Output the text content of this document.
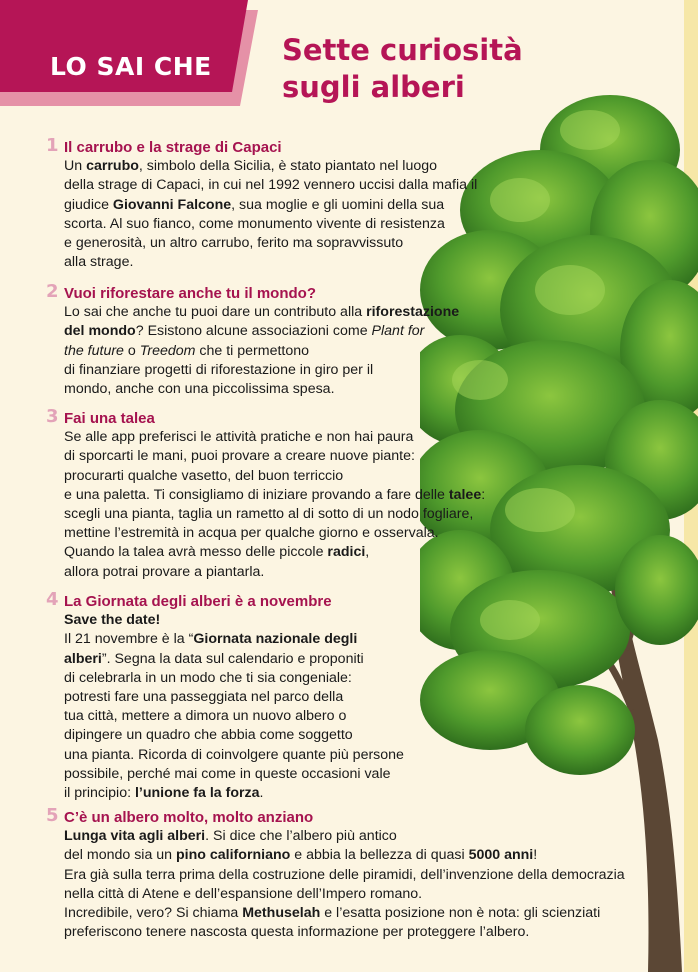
LO SAI CHE Sette curiosità
sugli alberi
1 Il carrubo e la strage di Capaci
Un carrubo, simbolo della Sicilia, è stato piantato nel luogo
della strage di Capaci, in cui nel 1992 vennero uccisi dalla mafia il
giudice Giovanni Falcone, sua moglie e gli uomini della sua
scorta. Al suo fianco, come monumento vivente di resistenza
e generosità, un altro carrubo, ferito ma sopravvissuto
alla strage.
2 Vuoi riforestare anche tu il mondo?
Lo sai che anche tu puoi dare un contributo alla riforestazione
del mondo? Esistono alcune associazioni come Plant for
the future o Treedom che ti permettono
di finanziare progetti di riforestazione in giro per il
mondo, anche con una piccolissima spesa.
3 Fai una talea
Se alle app preferisci le attività pratiche e non hai paura
di sporcarti le mani, puoi provare a creare nuove piante:
procurarti qualche vasetto, del buon terriccio
e una paletta. Ti consigliamo di iniziare provando a fare delle talee:
scegli una pianta, taglia un rametto al di sotto di un nodo fogliare,
mettine l’estremità in acqua per qualche giorno e osservala.
Quando la talea avrà messo delle piccole radici,
allora potrai provare a piantarla.
4 La Giornata degli alberi è a novembre
Save the date!
Il 21 novembre è la “Giornata nazionale degli
alberi”. Segna la data sul calendario e proponiti
di celebrarla in un modo che ti sia congeniale:
potresti fare una passeggiata nel parco della
tua città, mettere a dimora un nuovo albero o
dipingere un quadro che abbia come soggetto
una pianta. Ricorda di coinvolgere quante più persone
possibile, perché mai come in queste occasioni vale
il principio: l’unione fa la forza.
5 C’è un albero molto, molto anziano
Lunga vita agli alberi. Si dice che l’albero più antico
del mondo sia un pino californiano e abbia la bellezza di quasi 5000 anni!
Era già sulla terra prima della costruzione delle piramidi, dell’invenzione della democrazia
nella città di Atene e dell’espansione dell’Impero romano.
Incredibile, vero? Si chiama Methuselah e l’esatta posizione non è nota: gli scienziati
preferiscono tenere nascosta questa informazione per proteggere l’albero.
